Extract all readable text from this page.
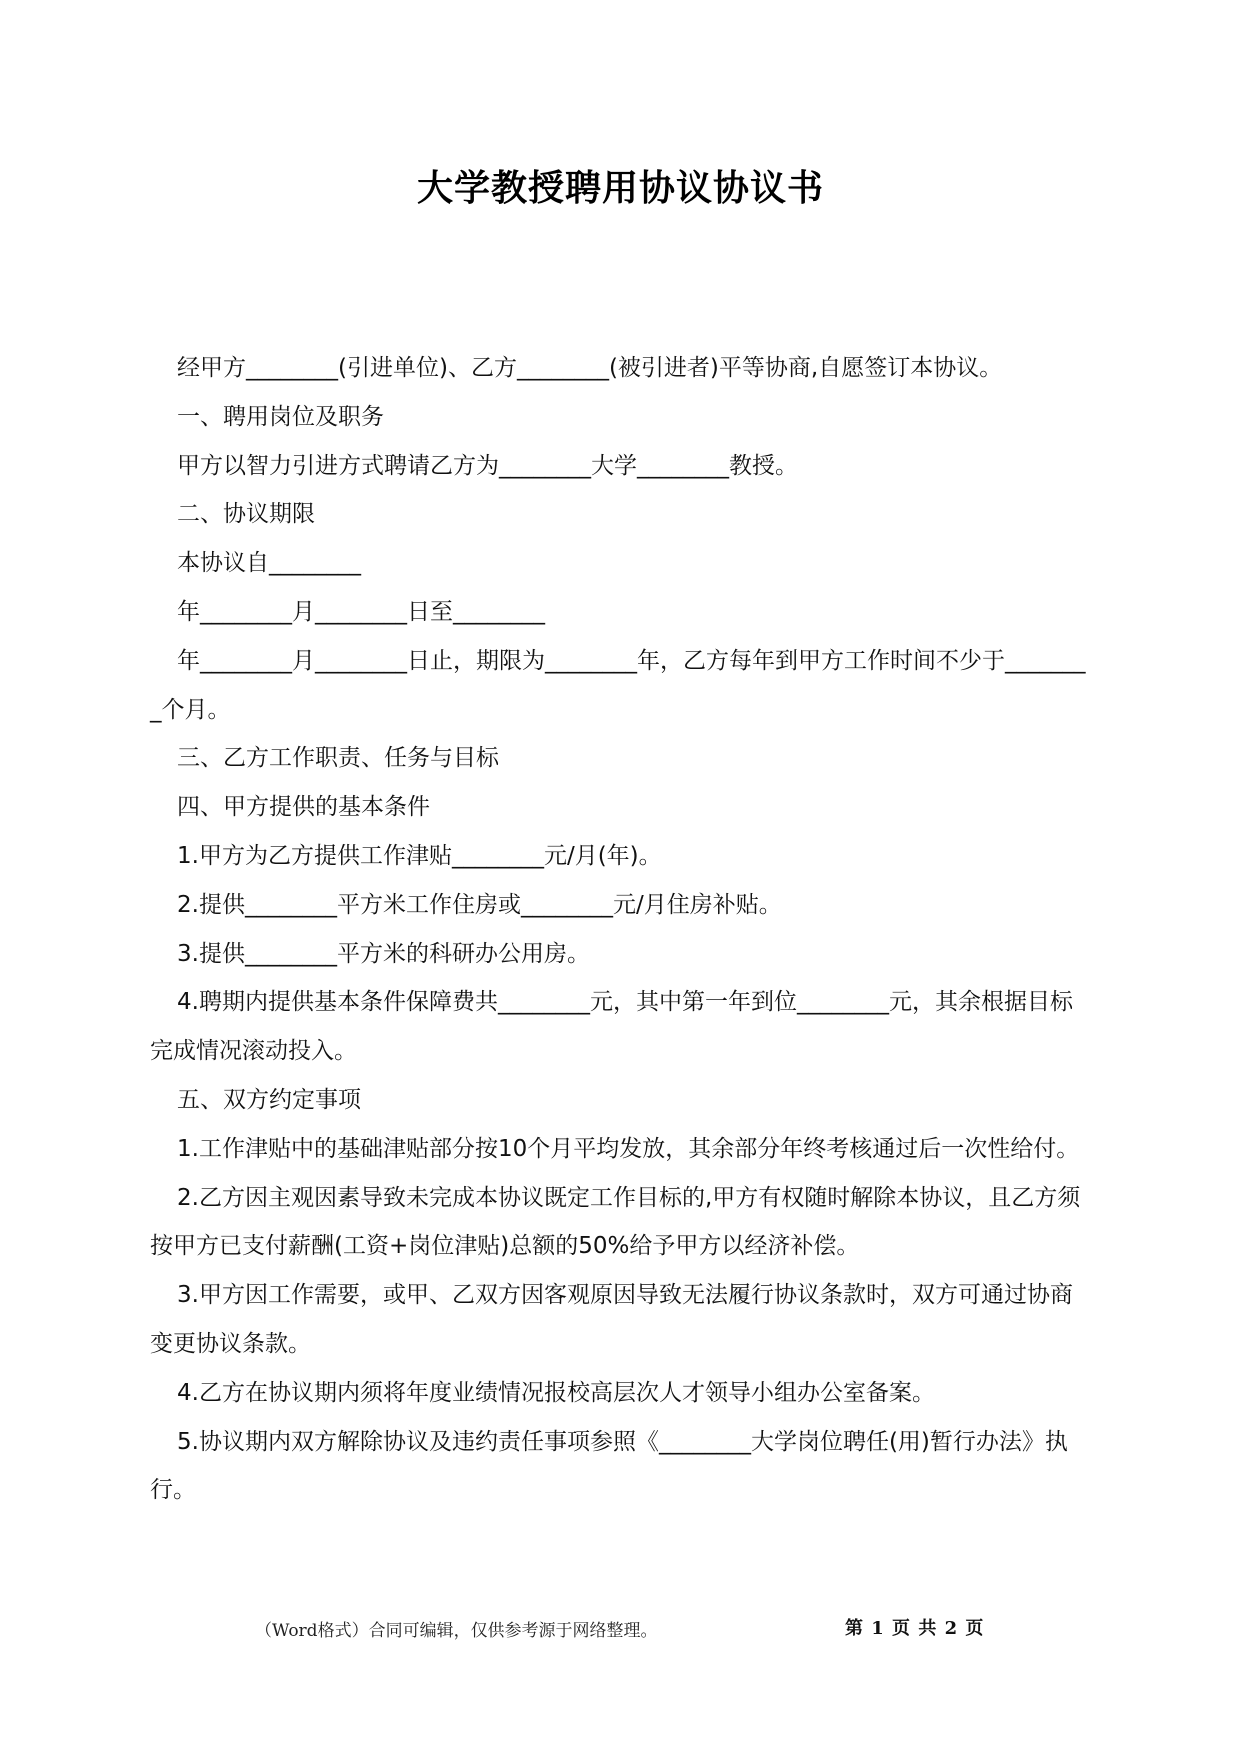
大学教授聘用协议协议书

经甲方________(引进单位)、乙方________(被引进者)平等协商,自愿签订本协议。

一、聘用岗位及职务

甲方以智力引进方式聘请乙方为________大学________教授。

二、协议期限

本协议自________

年________月________日至________

年________月________日止，期限为________年，乙方每年到甲方工作时间不少于________个月。

三、乙方工作职责、任务与目标

四、甲方提供的基本条件

1.甲方为乙方提供工作津贴________元/月(年)。

2.提供________平方米工作住房或________元/月住房补贴。

3.提供________平方米的科研办公用房。

4.聘期内提供基本条件保障费共________元，其中第一年到位________元，其余根据目标完成情况滚动投入。

五、双方约定事项

1.工作津贴中的基础津贴部分按10个月平均发放，其余部分年终考核通过后一次性给付。

2.乙方因主观因素导致未完成本协议既定工作目标的,甲方有权随时解除本协议，且乙方须按甲方已支付薪酬(工资+岗位津贴)总额的50%给予甲方以经济补偿。

3.甲方因工作需要，或甲、乙双方因客观原因导致无法履行协议条款时，双方可通过协商变更协议条款。

4.乙方在协议期内须将年度业绩情况报校高层次人才领导小组办公室备案。

5.协议期内双方解除协议及违约责任事项参照《________大学岗位聘任(用)暂行办法》执行。

（Word格式）合同可编辑，仅供参考源于网络整理。	第 1 页 共 2 页
